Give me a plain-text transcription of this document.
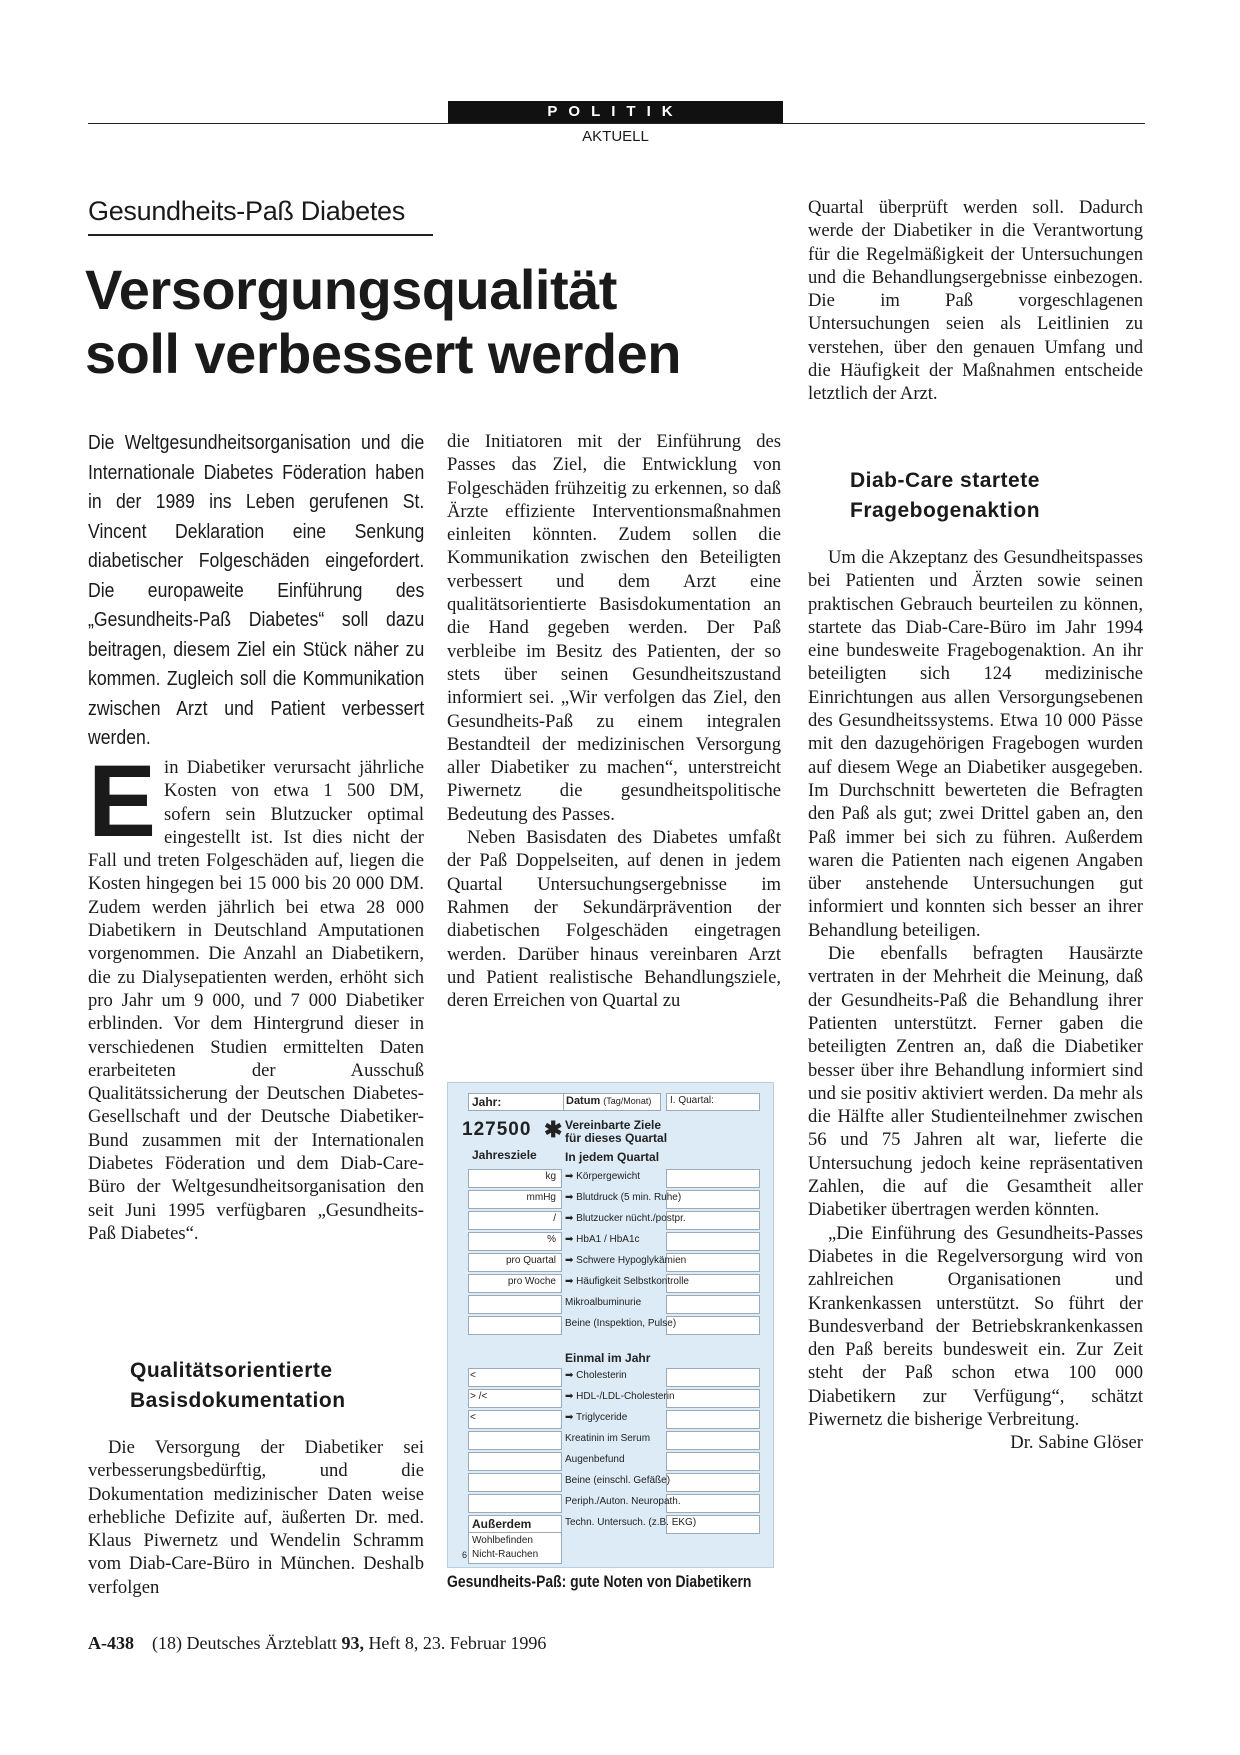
POLITIK
AKTUELL
Gesundheits-Paß Diabetes
Versorgungsqualität
soll verbessert werden
Die Weltgesundheitsorganisation und die Internationale Diabetes Föderation haben in der 1989 ins Leben gerufenen St. Vincent Deklaration eine Senkung diabetischer Folgeschäden eingefordert. Die europaweite Einführung des „Gesundheits-Paß Diabetes“ soll dazu beitragen, diesem Ziel ein Stück näher zu kommen. Zugleich soll die Kommunikation zwischen Arzt und Patient verbessert werden.
E in Diabetiker verursacht jährliche Kosten von etwa 1 500 DM, sofern sein Blutzucker optimal eingestellt ist. Ist dies nicht der Fall und treten Folgeschäden auf, liegen die Kosten hingegen bei 15 000 bis 20 000 DM. Zudem werden jährlich bei etwa 28 000 Diabetikern in Deutschland Amputationen vorgenommen. Die Anzahl an Diabetikern, die zu Dialysepatienten werden, erhöht sich pro Jahr um 9 000, und 7 000 Diabetiker erblinden. Vor dem Hintergrund dieser in verschiedenen Studien ermittelten Daten erarbeiteten der Ausschuß Qualitätssicherung der Deutschen Diabetes-Gesellschaft und der Deutsche Diabetiker-Bund zusammen mit der Internationalen Diabetes Föderation und dem Diab-Care-Büro der Weltgesundheitsorganisation den seit Juni 1995 verfügbaren „Gesundheits-Paß Diabetes“.

Qualitätsorientierte
Basisdokumentation

Die Versorgung der Diabetiker sei verbesserungsbedürftig, und die Dokumentation medizinischer Daten weise erhebliche Defizite auf, äußerten Dr. med. Klaus Piwernetz und Wendelin Schramm vom Diab-Care-Büro in München. Deshalb verfolgen

die Initiatoren mit der Einführung des Passes das Ziel, die Entwicklung von Folgeschäden frühzeitig zu erkennen, so daß Ärzte effiziente Interventionsmaßnahmen einleiten könnten. Zudem sollen die Kommunikation zwischen den Beteiligten verbessert und dem Arzt eine qualitätsorientierte Basisdokumentation an die Hand gegeben werden. Der Paß verbleibe im Besitz des Patienten, der so stets über seinen Gesundheitszustand informiert sei. „Wir verfolgen das Ziel, den Gesundheits-Paß zu einem integralen Bestandteil der medizinischen Versorgung aller Diabetiker zu machen“, unterstreicht Piwernetz die gesundheitspolitische Bedeutung des Passes.

Neben Basisdaten des Diabetes umfaßt der Paß Doppelseiten, auf denen in jedem Quartal Untersuchungsergebnisse im Rahmen der Sekundärprävention der diabetischen Folgeschäden eingetragen werden. Darüber hinaus vereinbaren Arzt und Patient realistische Behandlungsziele, deren Erreichen von Quartal zu

Jahr:	Datum (Tag/Monat) I. Quartal:
127500 ✱ Vereinbarte Ziele
für dieses Quartal
Jahresziele In jedem Quartal
kg ➡ Körpergewicht
mmHg ➡ Blutdruck (5 min. Ruhe)
/ ➡ Blutzucker nücht./postpr.
% ➡ HbA1 / HbA1c
pro Quartal ➡ Schwere Hypoglykämien
pro Woche ➡ Häufigkeit Selbstkontrolle
Mikroalbuminurie
Beine (Inspektion, Pulse)
Einmal im Jahr
<	➡ Cholesterin
> /<	➡ HDL-/LDL-Cholesterin
<	➡ Triglyceride
Kreatinin im Serum
Augenbefund
Beine (einschl. Gefäße)
Periph./Auton. Neuropath.
Techn. Untersuch. (z.B. EKG)
Außerdem
Wohlbefinden
Nicht-Rauchen
6
Gesundheits-Paß: gute Noten von Diabetikern

Quartal überprüft werden soll. Dadurch werde der Diabetiker in die Verantwortung für die Regelmäßigkeit der Untersuchungen und die Behandlungsergebnisse einbezogen. Die im Paß vorgeschlagenen Untersuchungen seien als Leitlinien zu verstehen, über den genauen Umfang und die Häufigkeit der Maßnahmen entscheide letztlich der Arzt.

Diab-Care startete
Fragebogenaktion

Um die Akzeptanz des Gesundheitspasses bei Patienten und Ärzten sowie seinen praktischen Gebrauch beurteilen zu können, startete das Diab-Care-Büro im Jahr 1994 eine bundesweite Fragebogenaktion. An ihr beteiligten sich 124 medizinische Einrichtungen aus allen Versorgungsebenen des Gesundheitssystems. Etwa 10 000 Pässe mit den dazugehörigen Fragebogen wurden auf diesem Wege an Diabetiker ausgegeben. Im Durchschnitt bewerteten die Befragten den Paß als gut; zwei Drittel gaben an, den Paß immer bei sich zu führen. Außerdem waren die Patienten nach eigenen Angaben über anstehende Untersuchungen gut informiert und konnten sich besser an ihrer Behandlung beteiligen.

Die ebenfalls befragten Hausärzte vertraten in der Mehrheit die Meinung, daß der Gesundheits-Paß die Behandlung ihrer Patienten unterstützt. Ferner gaben die beteiligten Zentren an, daß die Diabetiker besser über ihre Behandlung informiert sind und sie positiv aktiviert werden. Da mehr als die Hälfte aller Studienteilnehmer zwischen 56 und 75 Jahren alt war, lieferte die Untersuchung jedoch keine repräsentativen Zahlen, die auf die Gesamtheit aller Diabetiker übertragen werden könnten.

„Die Einführung des Gesundheits-Passes Diabetes in die Regelversorgung wird von zahlreichen Organisationen und Krankenkassen unterstützt. So führt der Bundesverband der Betriebskrankenkassen den Paß bereits bundesweit ein. Zur Zeit steht der Paß schon etwa 100 000 Diabetikern zur Verfügung“, schätzt Piwernetz die bisherige Verbreitung.
Dr. Sabine Glöser

A-438 (18) Deutsches Ärzteblatt 93, Heft 8, 23. Februar 1996
